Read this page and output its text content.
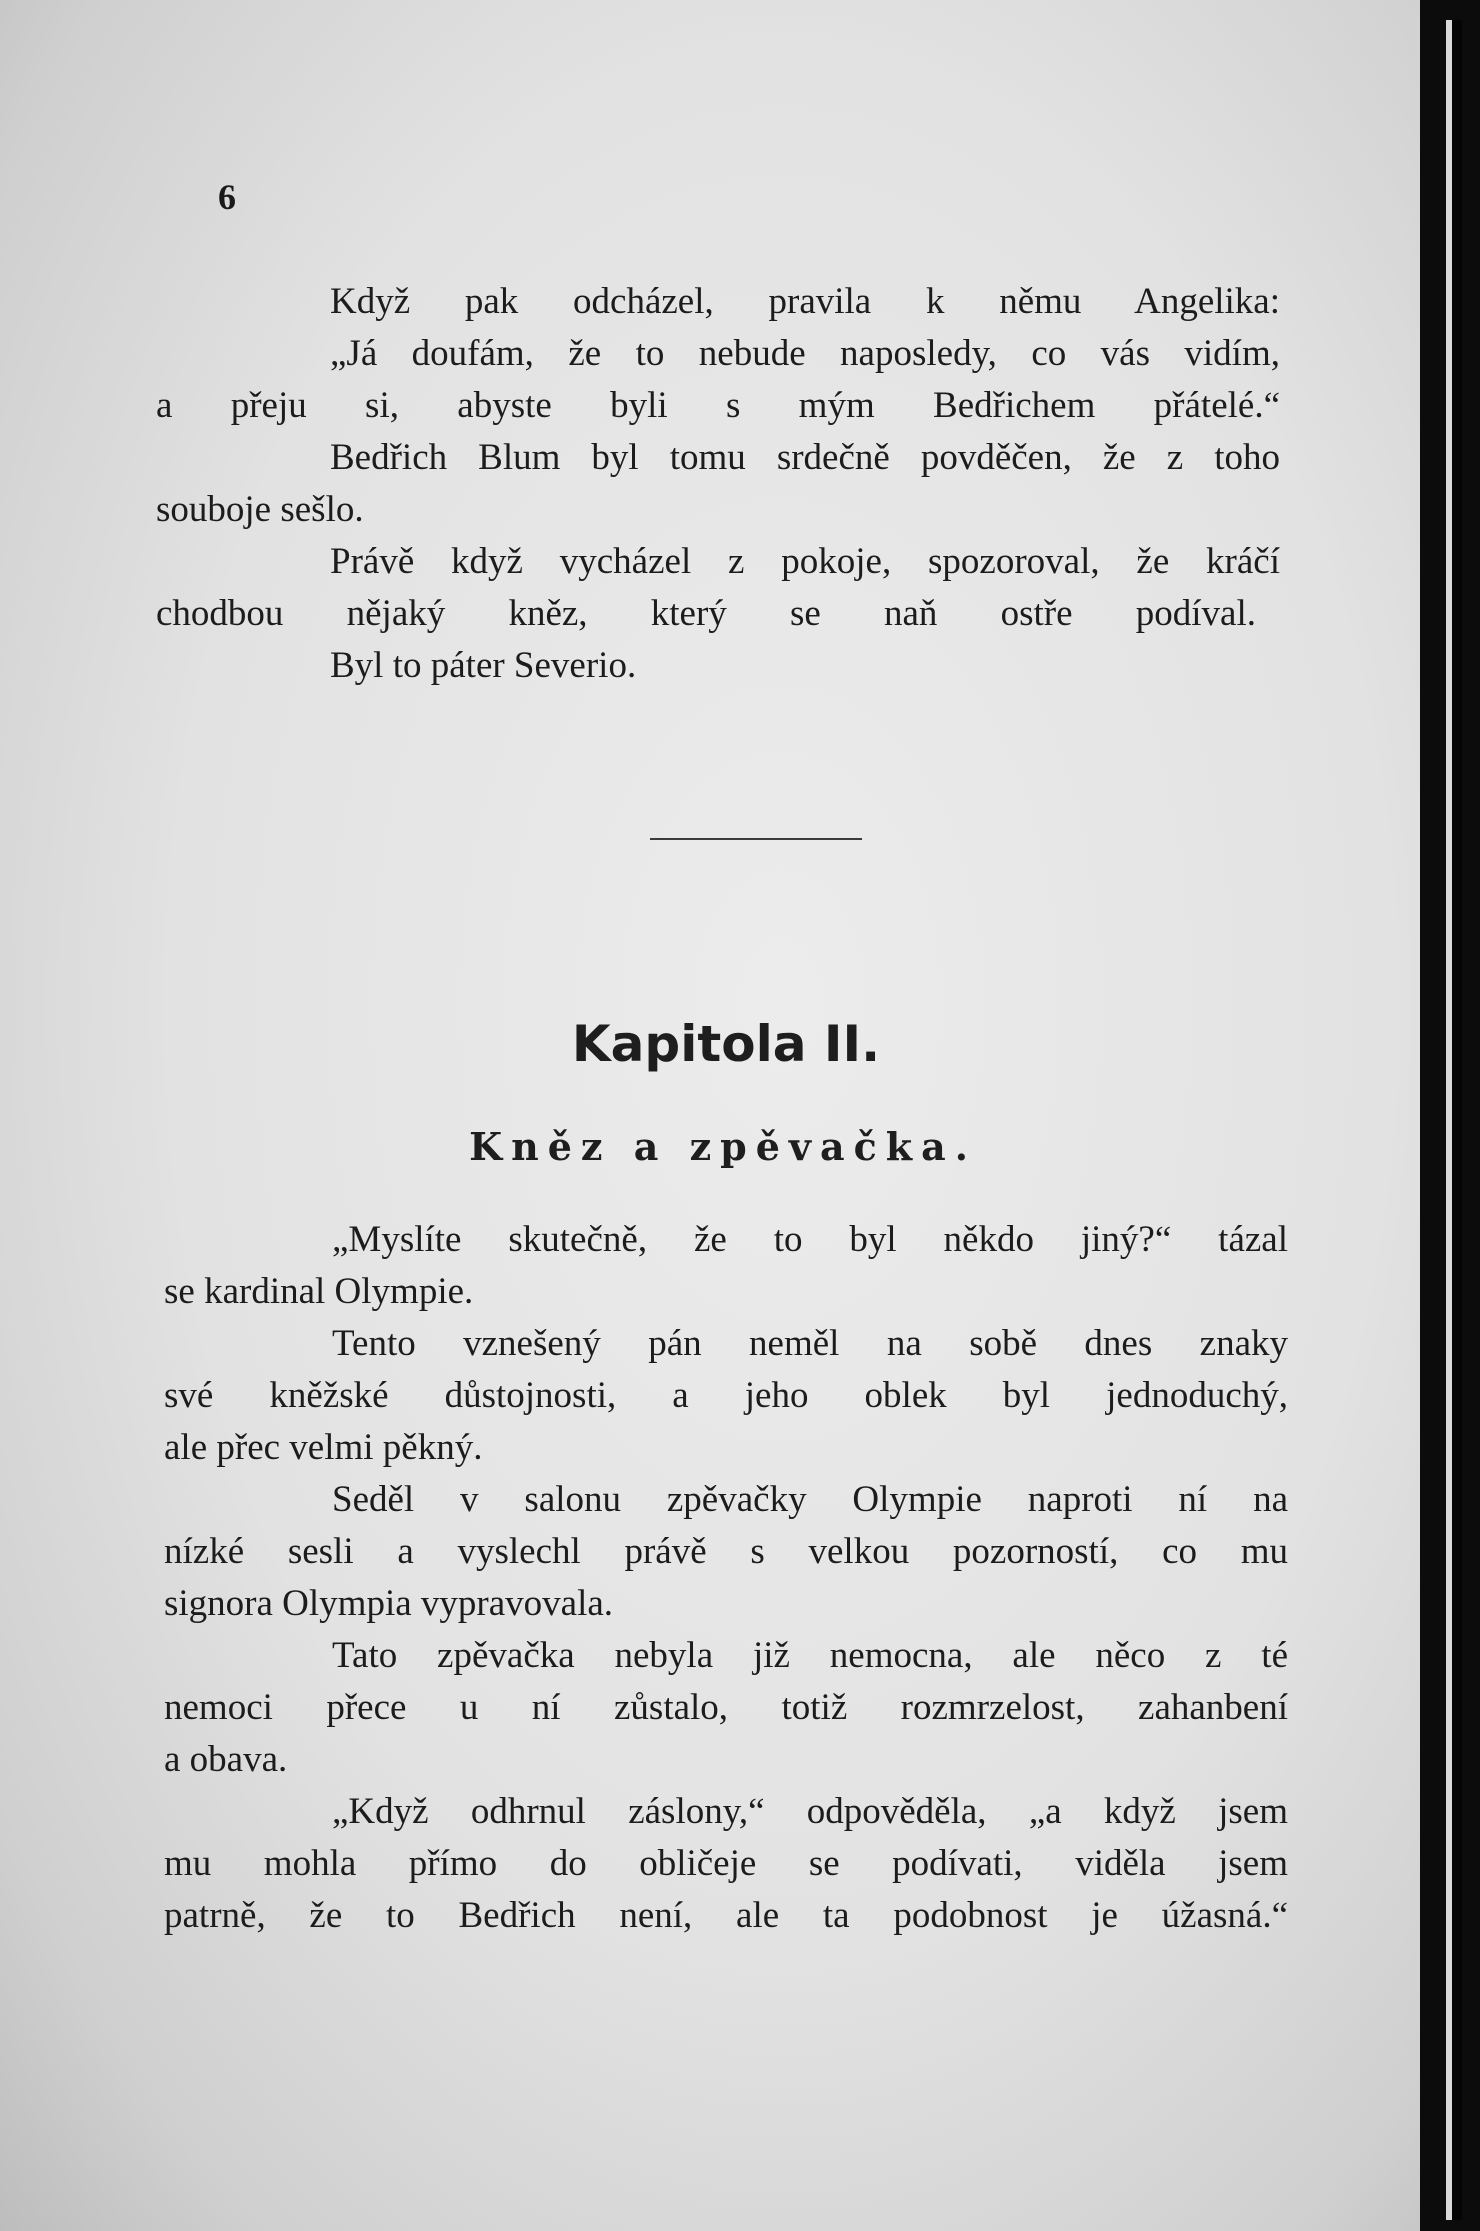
6
Když pak odcházel, pravila k němu Angelika:
„Já doufám, že to nebude naposledy, co vás vidím,
a přeju si, abyste byli s mým Bedřichem přátelé.“
Bedřich Blum byl tomu srdečně povděčen, že z toho
souboje sešlo.
Právě když vycházel z pokoje, spozoroval, že kráčí
chodbou nějaký kněz, který se naň ostře podíval.
Byl to páter Severio.
Kapitola II.
Kněz a zpěvačka.
„Myslíte skutečně, že to byl někdo jiný?“ tázal
se kardinal Olympie.
Tento vznešený pán neměl na sobě dnes znaky
své kněžské důstojnosti, a jeho oblek byl jednoduchý,
ale přec velmi pěkný.
Seděl v salonu zpěvačky Olympie naproti ní na
nízké sesli a vyslechl právě s velkou pozorností, co mu
signora Olympia vypravovala.
Tato zpěvačka nebyla již nemocna, ale něco z té
nemoci přece u ní zůstalo, totiž rozmrzelost, zahanbení
a obava.
„Když odhrnul záslony,“ odpověděla, „a když jsem
mu mohla přímo do obličeje se podívati, viděla jsem
patrně, že to Bedřich není, ale ta podobnost je úžasná.“
